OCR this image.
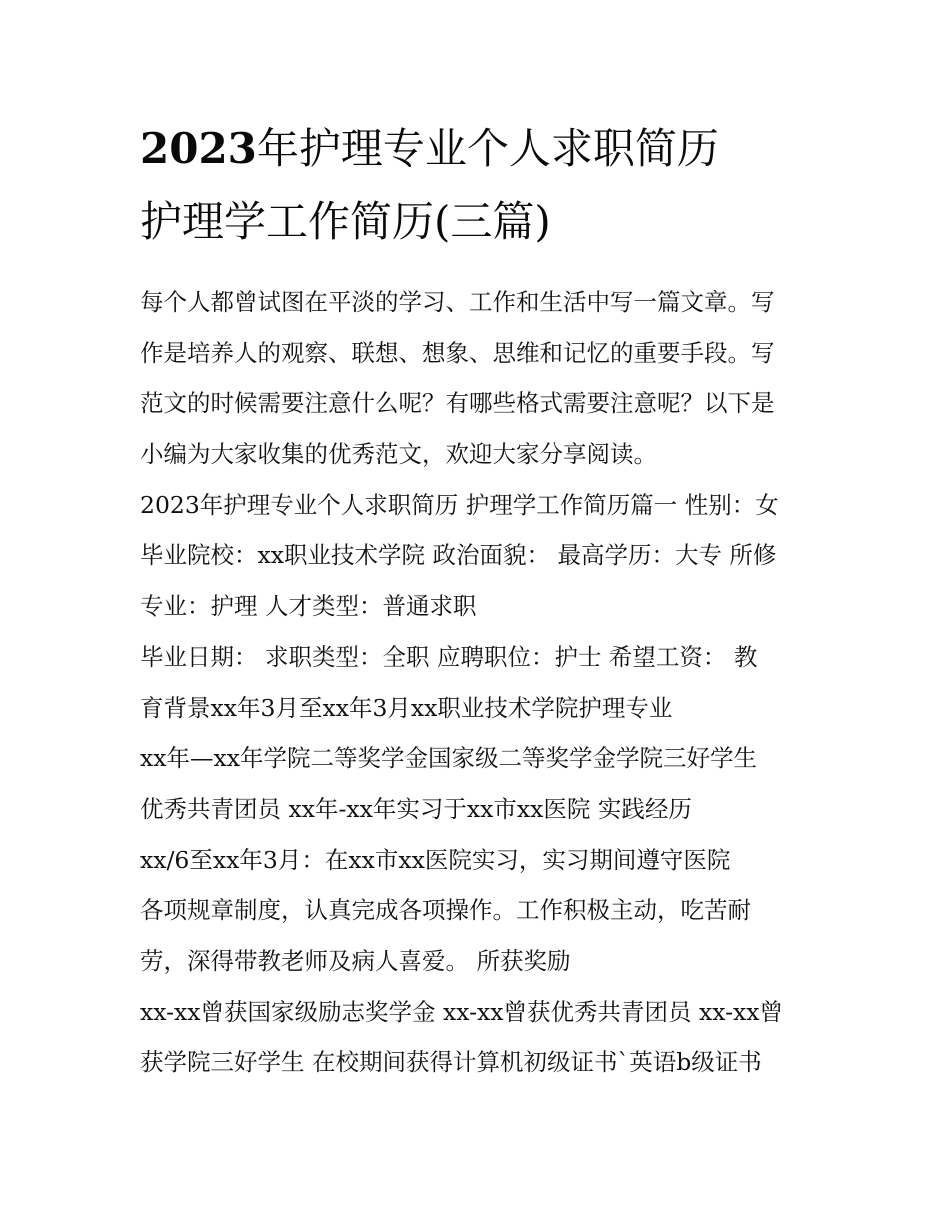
2023年护理专业个人求职简历
护理学工作简历(三篇)
每个人都曾试图在平淡的学习、工作和生活中写一篇文章。写
作是培养人的观察、联想、想象、思维和记忆的重要手段。写
范文的时候需要注意什么呢？有哪些格式需要注意呢？以下是
小编为大家收集的优秀范文，欢迎大家分享阅读。
2023年护理专业个人求职简历 护理学工作简历篇一 性别：女
毕业院校：xx职业技术学院 政治面貌： 最高学历：大专 所修
专业：护理 人才类型：普通求职
毕业日期： 求职类型：全职 应聘职位：护士 希望工资： 教
育背景xx年3月至xx年3月xx职业技术学院护理专业
xx年—xx年学院二等奖学金国家级二等奖学金学院三好学生
优秀共青团员 xx年-xx年实习于xx市xx医院 实践经历
xx/6至xx年3月：在xx市xx医院实习，实习期间遵守医院
各项规章制度，认真完成各项操作。工作积极主动，吃苦耐
劳，深得带教老师及病人喜爱。 所获奖励
xx-xx曾获国家级励志奖学金 xx-xx曾获优秀共青团员 xx-xx曾
获学院三好学生 在校期间获得计算机初级证书`英语b级证书
